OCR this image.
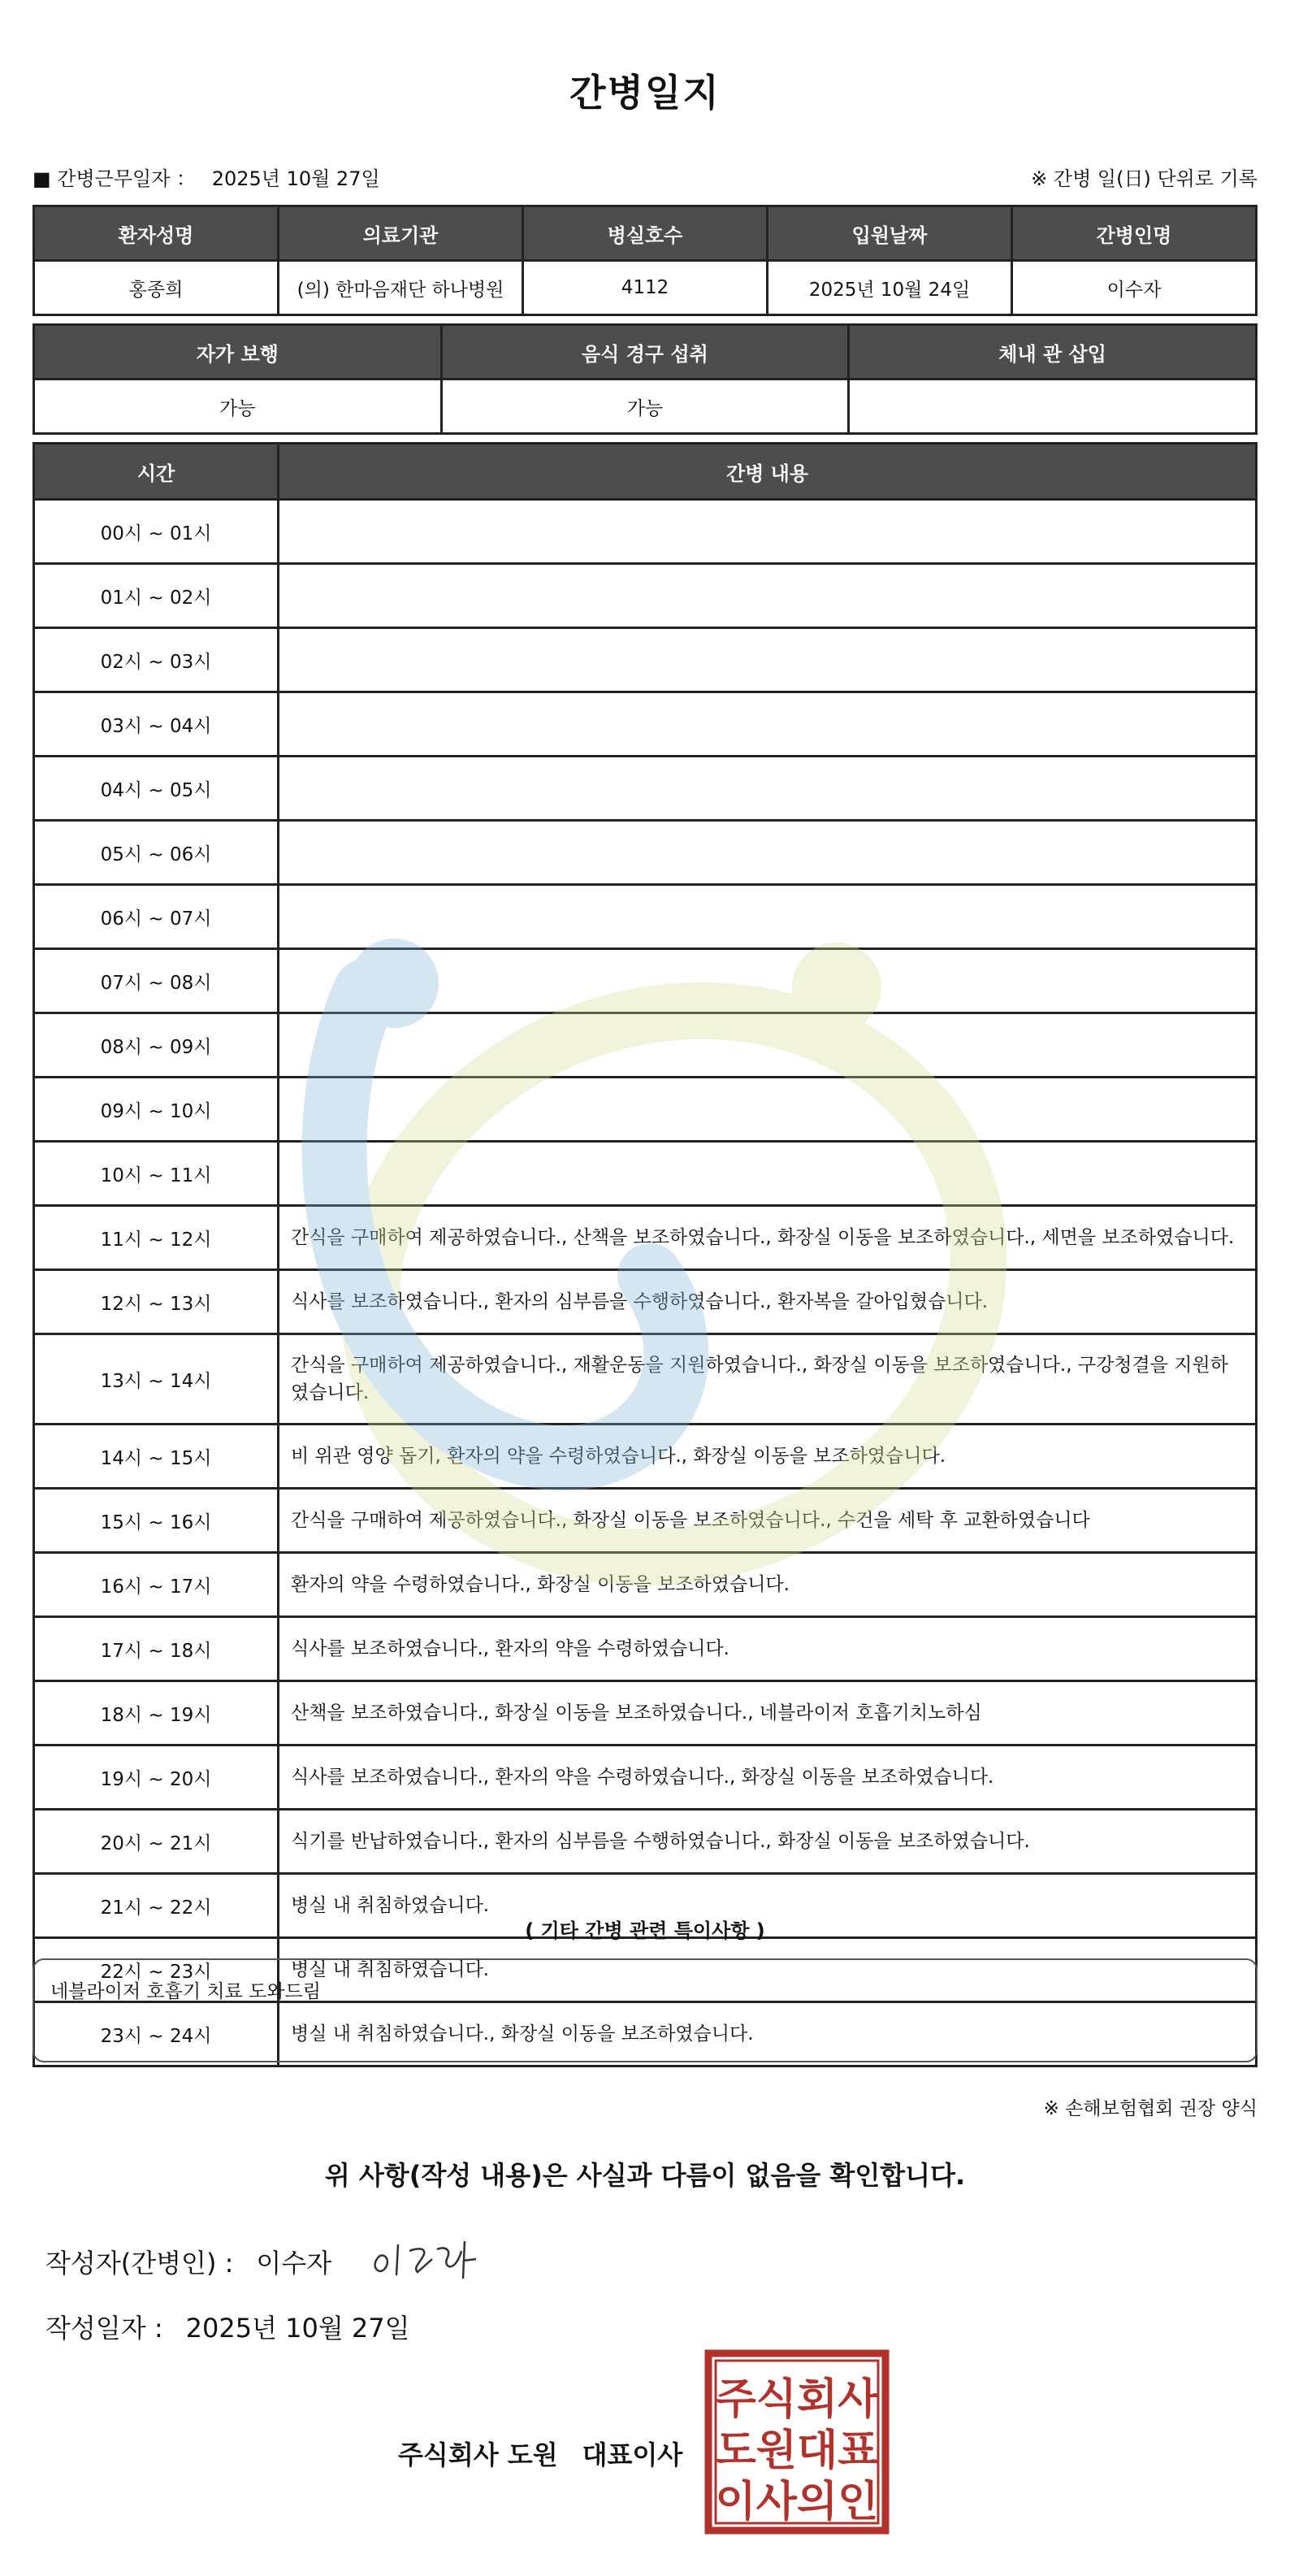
간병일지
■ 간병근무일자 ： 2025년 10월 27일	※ 간병 일(日) 단위로 기록
환자성명	의료기관	병실호수	입원날짜	간병인명
홍종희	(의) 한마음재단 하나병원	4112	2025년 10월 24일	이수자
자가 보행	음식 경구 섭취	체내 관 삽입
가능	가능	
시간	간병 내용
00시 ~ 01시	
01시 ~ 02시	
02시 ~ 03시	
03시 ~ 04시	
04시 ~ 05시	
05시 ~ 06시	
06시 ~ 07시	
07시 ~ 08시	
08시 ~ 09시	
09시 ~ 10시	
10시 ~ 11시	
11시 ~ 12시	간식을 구매하여 제공하였습니다., 산책을 보조하였습니다., 화장실 이동을 보조하였습니다., 세면을 보조하였습니다.
12시 ~ 13시	식사를 보조하였습니다., 환자의 심부름을 수행하였습니다., 환자복을 갈아입혔습니다.
13시 ~ 14시	간식을 구매하여 제공하였습니다., 재활운동을 지원하였습니다., 화장실 이동을 보조하였습니다., 구강청결을 지원하였습니다.
14시 ~ 15시	비 위관 영양 돕기, 환자의 약을 수령하였습니다., 화장실 이동을 보조하였습니다.
15시 ~ 16시	간식을 구매하여 제공하였습니다., 화장실 이동을 보조하였습니다., 수건을 세탁 후 교환하였습니다
16시 ~ 17시	환자의 약을 수령하였습니다., 화장실 이동을 보조하였습니다.
17시 ~ 18시	식사를 보조하였습니다., 환자의 약을 수령하였습니다.
18시 ~ 19시	산책을 보조하였습니다., 화장실 이동을 보조하였습니다., 네블라이저 호흡기치노하심
19시 ~ 20시	식사를 보조하였습니다., 환자의 약을 수령하였습니다., 화장실 이동을 보조하였습니다.
20시 ~ 21시	식기를 반납하였습니다., 환자의 심부름을 수행하였습니다., 화장실 이동을 보조하였습니다.
21시 ~ 22시	병실 내 취침하였습니다.
22시 ~ 23시	병실 내 취침하였습니다.
23시 ~ 24시	병실 내 취침하였습니다., 화장실 이동을 보조하였습니다.
( 기타 간병 관련 특이사항 )
네블라이저 호흡기 치료 도와드림
※ 손해보험협회 권장 양식
위 사항(작성 내용)은 사실과 다름이 없음을 확인합니다.
작성자(간병인) : 이수자
작성일자 : 2025년 10월 27일
주식회사 도원 대표이사
주식회사
도원대표
이사의인
